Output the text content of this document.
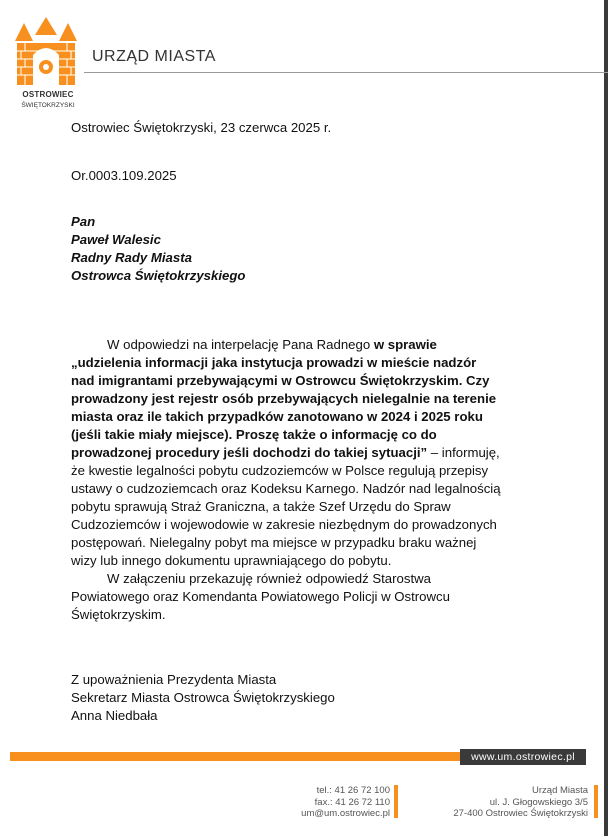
OSTROWIEC
ŚWIĘTOKRZYSKI
URZĄD MIASTA
Ostrowiec Świętokrzyski, 23 czerwca 2025 r.
Or.0003.109.2025
Pan
Paweł Walesic
Radny Rady Miasta
Ostrowca Świętokrzyskiego
W odpowiedzi na interpelację Pana Radnego w sprawie
„udzielenia informacji jaka instytucja prowadzi w mieście nadzór
nad imigrantami przebywającymi w Ostrowcu Świętokrzyskim. Czy
prowadzony jest rejestr osób przebywających nielegalnie na terenie
miasta oraz ile takich przypadków zanotowano w 2024 i 2025 roku
(jeśli takie miały miejsce). Proszę także o informację co do
prowadzonej procedury jeśli dochodzi do takiej sytuacji” – informuję,
że kwestie legalności pobytu cudzoziemców w Polsce regulują przepisy
ustawy o cudzoziemcach oraz Kodeksu Karnego. Nadzór nad legalnością
pobytu sprawują Straż Graniczna, a także Szef Urzędu do Spraw
Cudzoziemców i wojewodowie w zakresie niezbędnym do prowadzonych
postępowań. Nielegalny pobyt ma miejsce w przypadku braku ważnej
wizy lub innego dokumentu uprawniającego do pobytu.
W załączeniu przekazuję również odpowiedź Starostwa
Powiatowego oraz Komendanta Powiatowego Policji w Ostrowcu
Świętokrzyskim.
Z upoważnienia Prezydenta Miasta
Sekretarz Miasta Ostrowca Świętokrzyskiego
Anna Niedbała
www.um.ostrowiec.pl
tel.: 41 26 72 100
fax.: 41 26 72 110
um@um.ostrowiec.pl
Urząd Miasta
ul. J. Głogowskiego 3/5
27-400 Ostrowiec Świętokrzyski
